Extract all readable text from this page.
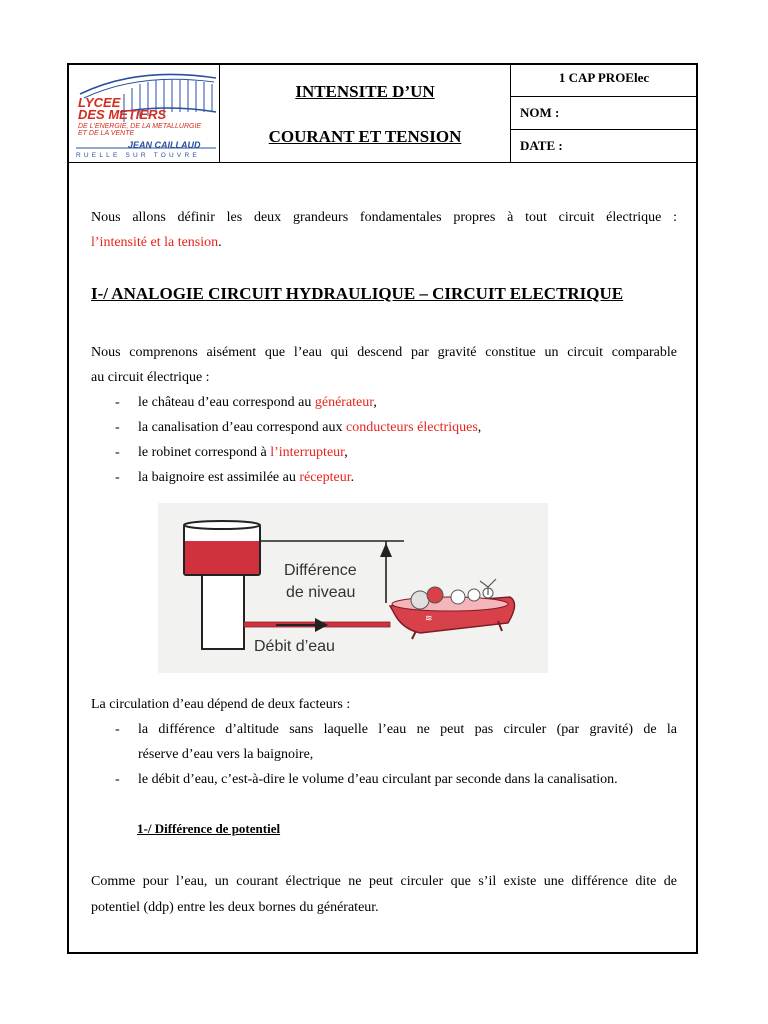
LYCEE
DES METIERS
DE L'ENERGIE, DE LA METALLURGIE
ET DE LA VENTE
JEAN CAILLAUD
RUELLE SUR TOUVRE
INTENSITE D’UN
COURANT ET TENSION
1 CAP PROElec
NOM :
DATE :
Nous allons définir les deux grandeurs fondamentales propres à tout circuit électrique :
l’intensité et la tension.
I-/ ANALOGIE CIRCUIT HYDRAULIQUE – CIRCUIT ELECTRIQUE
Nous comprenons aisément que l’eau qui descend par gravité constitue un circuit comparable
au circuit électrique :
- le château d’eau correspond au générateur,
- la canalisation d’eau correspond aux conducteurs électriques,
- le robinet correspond à l’interrupteur,
- la baignoire est assimilée au récepteur.
≋
Différence
de niveau
Débit d’eau
La circulation d’eau dépend de deux facteurs :
- la différence d’altitude sans laquelle l’eau ne peut pas circuler (par gravité) de la
réserve d’eau vers la baignoire,
- le débit d’eau, c’est-à-dire le volume d’eau circulant par seconde dans la canalisation.
1-/ Différence de potentiel
Comme pour l’eau, un courant électrique ne peut circuler que s’il existe une différence dite de
potentiel (ddp) entre les deux bornes du générateur.
